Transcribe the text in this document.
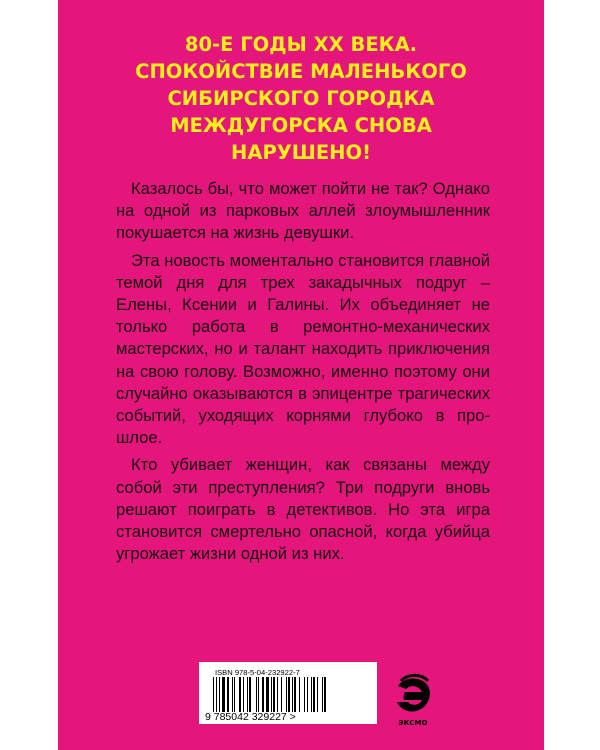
80-Е ГОДЫ ХХ ВЕКА.
СПОКОЙСТВИЕ МАЛЕНЬКОГО
СИБИРСКОГО ГОРОДКА
МЕЖДУГОРСКА СНОВА
НАРУШЕНО!

Казалось бы, что может пойти не так? Однако на одной из парковых аллей злоумышленник покушается на жизнь девушки.

Эта новость моментально становится главной темой дня для трех закадычных подруг – Елены, Ксении и Галины. Их объединяет не только работа в ремонтно-механических мастерских, но и талант находить приключения на свою голову. Возможно, именно поэтому они случайно оказываются в эпицентре трагических событий, уходящих корнями глубоко в прошлое.

Кто убивает женщин, как связаны между собой эти преступления? Три подруги вновь решают поиграть в детективов. Но эта игра становится смертельно опасной, когда убийца угрожает жизни одной из них.

ISBN 978-5-04-232922-7
9 785042 329227 >	ЭКСМО
